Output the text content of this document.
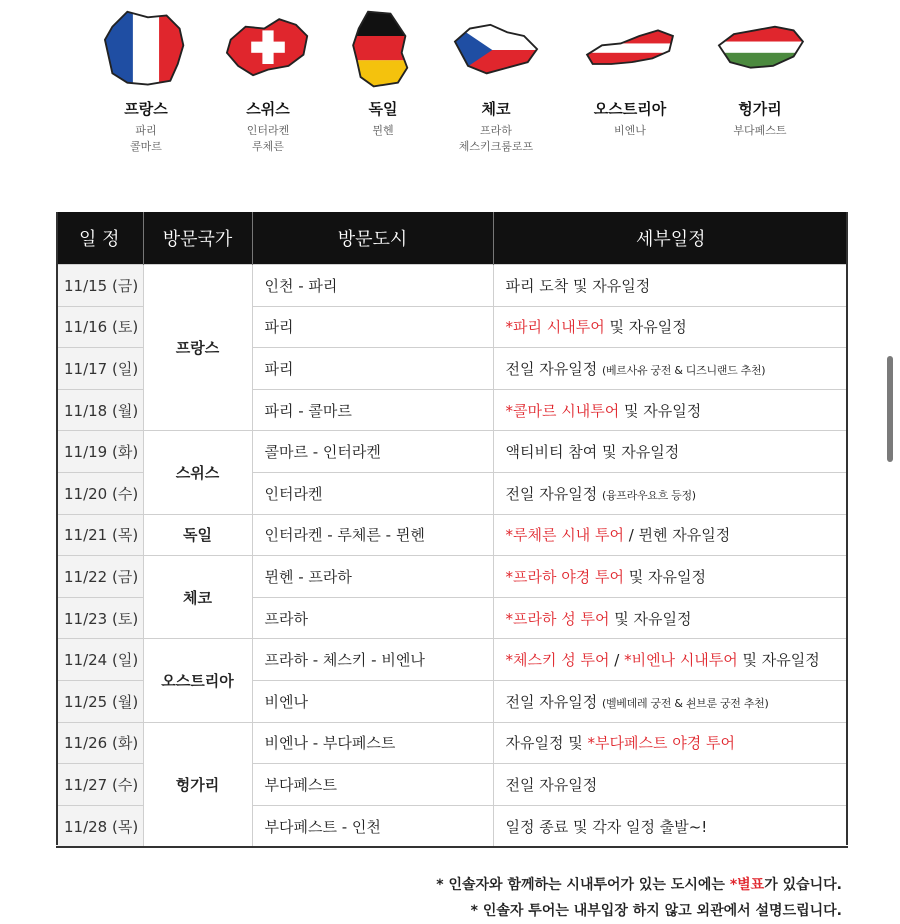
프랑스
파리
콜마르
스위스
인터라켄
루체른
독일
뮌헨
체코
프라하
체스키크룸로프
오스트리아
비엔나
헝가리
부다페스트
일 정	방문국가	방문도시	세부일정
11/15 (금)	프랑스	인천 - 파리	파리 도착 및 자유일정
11/16 (토)		파리	*파리 시내투어 및 자유일정
11/17 (일)		파리	전일 자유일정 (베르사유 궁전 & 디즈니랜드 추천)
11/18 (월)		파리 - 콜마르	*콜마르 시내투어 및 자유일정
11/19 (화)	스위스	콜마르 - 인터라켄	액티비티 참여 및 자유일정
11/20 (수)		인터라켄	전일 자유일정 (융프라우요흐 등정)
11/21 (목)	독일	인터라켄 - 루체른 - 뮌헨	*루체른 시내 투어 / 뮌헨 자유일정
11/22 (금)	체코	뮌헨 - 프라하	*프라하 야경 투어 및 자유일정
11/23 (토)		프라하	*프라하 성 투어 및 자유일정
11/24 (일)	오스트리아	프라하 - 체스키 - 비엔나	*체스키 성 투어 / *비엔나 시내투어 및 자유일정
11/25 (월)		비엔나	전일 자유일정 (벨베데레 궁전 & 쇤브룬 궁전 추천)
11/26 (화)	헝가리	비엔나 - 부다페스트	자유일정 및 *부다페스트 야경 투어
11/27 (수)		부다페스트	전일 자유일정
11/28 (목)		부다페스트 - 인천	일정 종료 및 각자 일정 출발~!
* 인솔자와 함께하는 시내투어가 있는 도시에는 *별표가 있습니다.
* 인솔자 투어는 내부입장 하지 않고 외관에서 설명드립니다.
